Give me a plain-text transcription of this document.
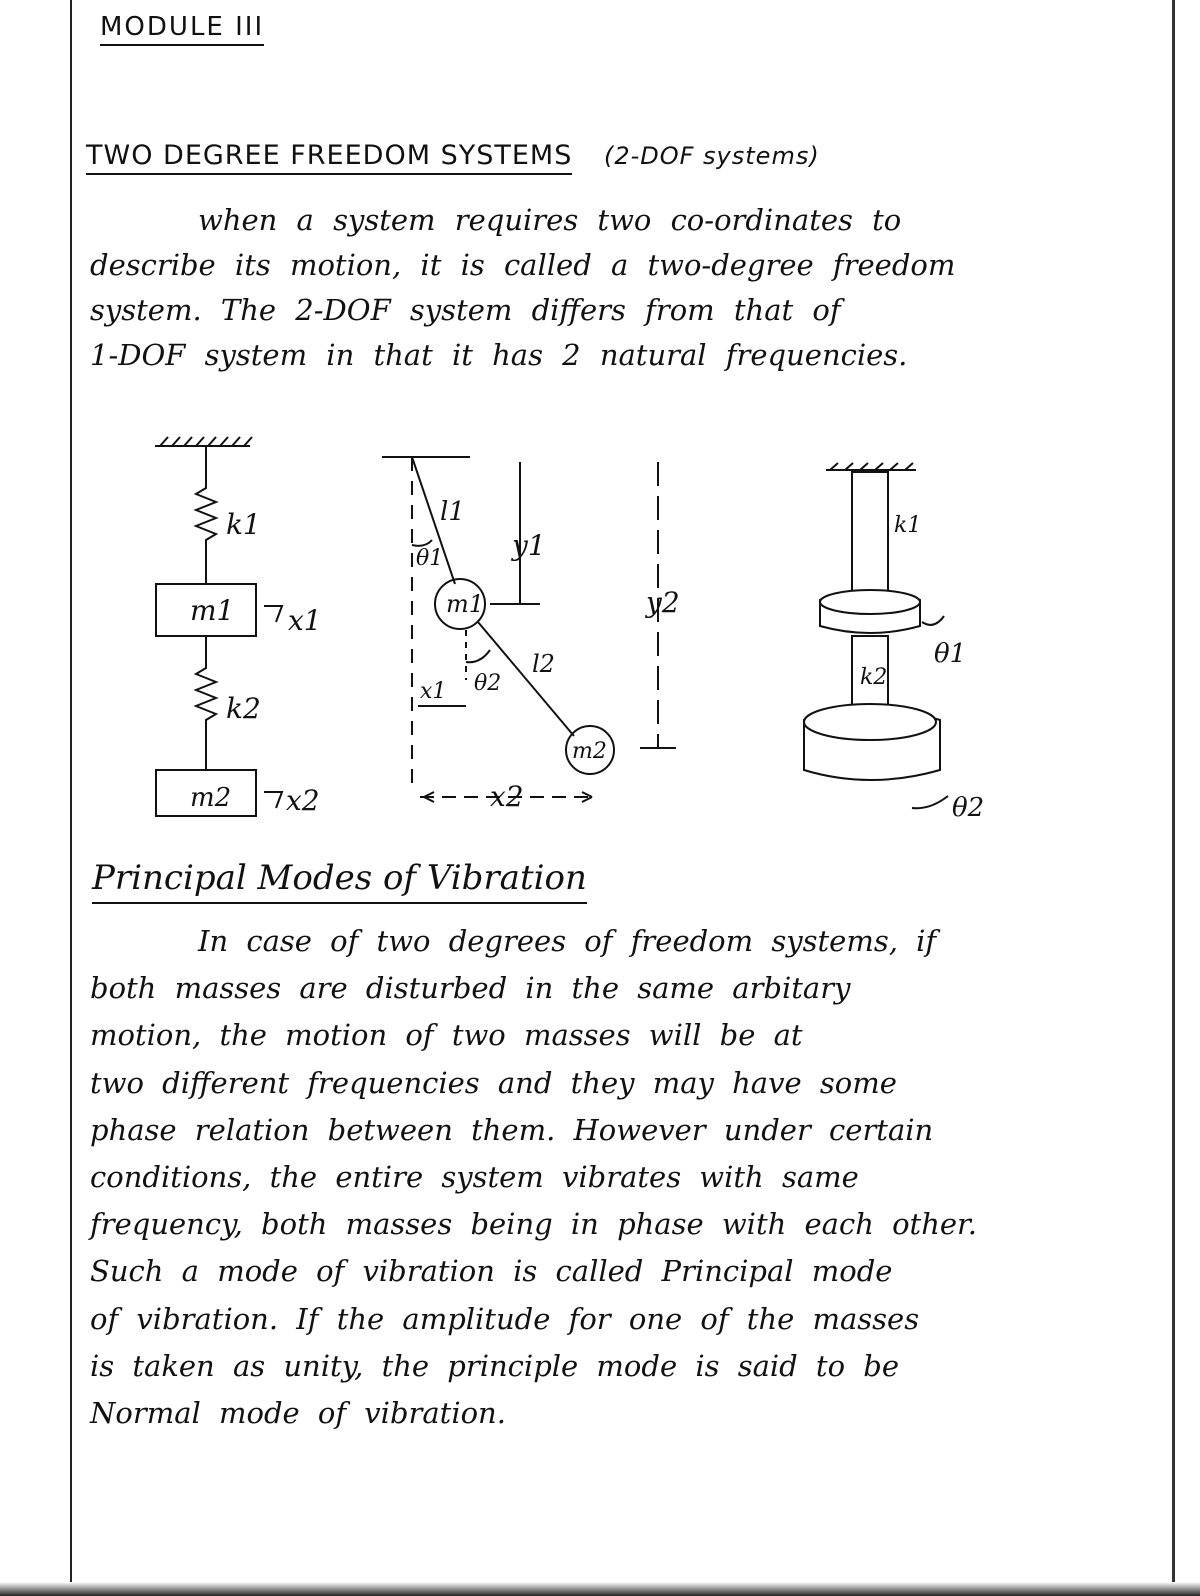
MODULE III
TWO DEGREE FREEDOM SYSTEMS (2-DOF systems)
when a system requires two co-ordinates to
describe its motion, it is called a two-degree freedom
system. The 2-DOF system differs from that of
1-DOF system in that it has 2 natural frequencies.
k1
m1 x1
k2
m2 x2
l1
θ1 y1
m1	y2
l2
θ2
x1
m2
x2
k1
θ1
k2
θ2
Principal Modes of Vibration
In case of two degrees of freedom systems, if
both masses are disturbed in the same arbitary
motion, the motion of two masses will be at
two different frequencies and they may have some
phase relation between them. However under certain
conditions, the entire system vibrates with same
frequency, both masses being in phase with each other.
Such a mode of vibration is called Principal mode
of vibration. If the amplitude for one of the masses
is taken as unity, the principle mode is said to be
Normal mode of vibration.
